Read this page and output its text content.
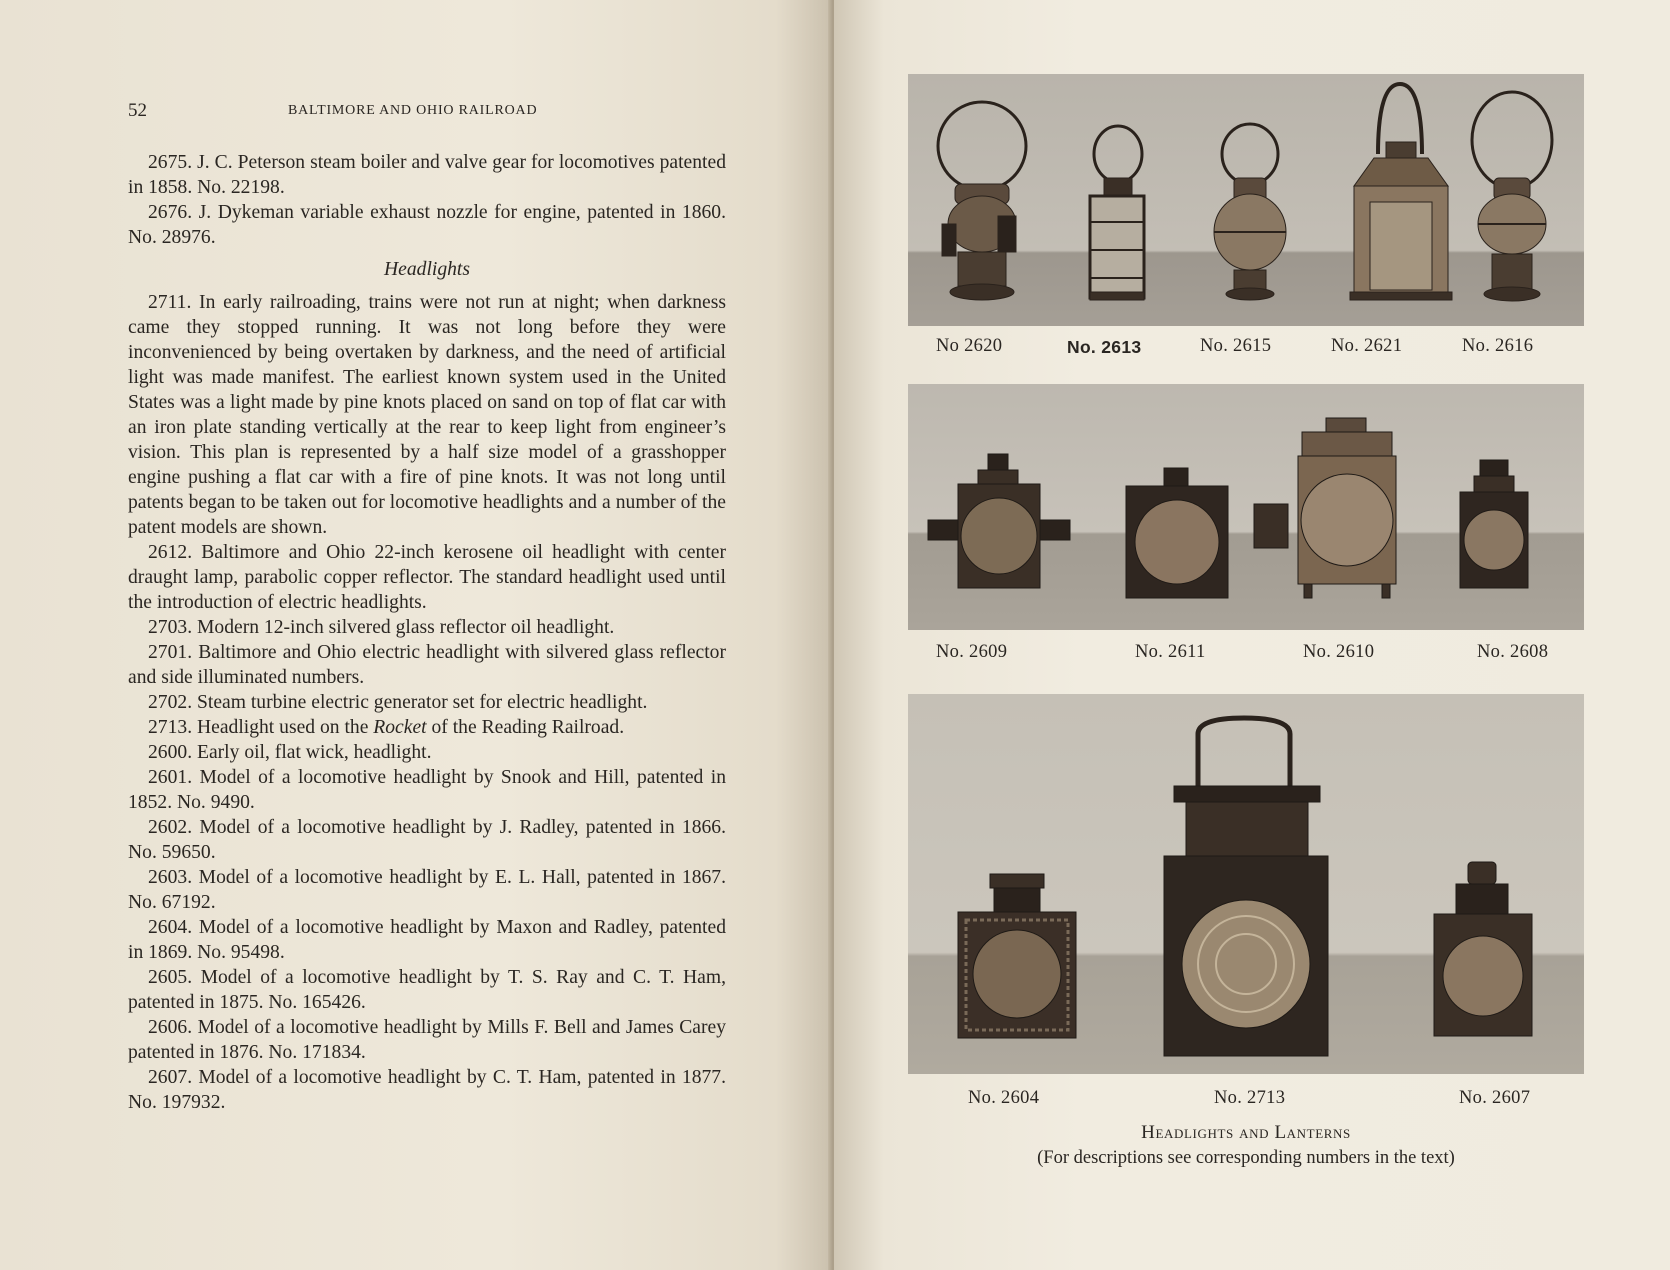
52	BALTIMORE AND OHIO RAILROAD

2675. J. C. Peterson steam boiler and valve gear for locomotives patented in 1858. No. 22198.

2676. J. Dykeman variable exhaust nozzle for engine, patented in 1860. No. 28976.

Headlights

2711. In early railroading, trains were not run at night; when darkness came they stopped running. It was not long before they were inconvenienced by being overtaken by darkness, and the need of artificial light was made manifest. The earliest known system used in the United States was a light made by pine knots placed on sand on top of flat car with an iron plate standing vertically at the rear to keep light from engineer’s vision. This plan is represented by a half size model of a grasshopper engine pushing a flat car with a fire of pine knots. It was not long until patents began to be taken out for locomotive headlights and a number of the patent models are shown.

2612. Baltimore and Ohio 22-inch kerosene oil headlight with center draught lamp, parabolic copper reflector. The standard headlight used until the introduction of electric headlights.

2703. Modern 12-inch silvered glass reflector oil headlight.

2701. Baltimore and Ohio electric headlight with silvered glass reflector and side illuminated numbers.

2702. Steam turbine electric generator set for electric headlight.

2713. Headlight used on the Rocket of the Reading Railroad.

2600. Early oil, flat wick, headlight.

2601. Model of a locomotive headlight by Snook and Hill, patented in 1852. No. 9490.

2602. Model of a locomotive headlight by J. Radley, patented in 1866. No. 59650.

2603. Model of a locomotive headlight by E. L. Hall, patented in 1867. No. 67192.

2604. Model of a locomotive headlight by Maxon and Radley, patented in 1869. No. 95498.

2605. Model of a locomotive headlight by T. S. Ray and C. T. Ham, patented in 1875. No. 165426.

2606. Model of a locomotive headlight by Mills F. Bell and James Carey patented in 1876. No. 171834.

2607. Model of a locomotive headlight by C. T. Ham, patented in 1877. No. 197932.

No 2620	No. 2613	No. 2615	No. 2621	No. 2616
No. 2609	No. 2611	No. 2610	No. 2608
No. 2604	No. 2713	No. 2607
Headlights and Lanterns
(For descriptions see corresponding numbers in the text)
